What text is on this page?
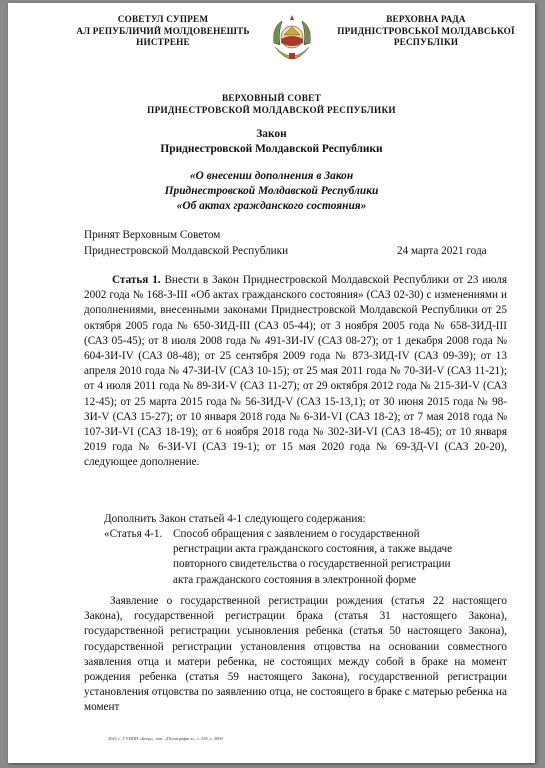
СОВЕТУЛ СУПРЕМ
АЛ РЕПУБЛИЧИЙ МОЛДОВЕНЕШТЬ
НИСТРЕНЕ
ВЕРХОВНА РАДА
ПРИДНІСТРОВСЬКОЇ МОЛДАВСЬКОЇ
РЕСПУБЛІКИ
ВЕРХОВНЫЙ СОВЕТ
ПРИДНЕСТРОВСКОЙ МОЛДАВСКОЙ РЕСПУБЛИКИ
Закон
Приднестровской Молдавской Республики
«О внесении дополнения в Закон
Приднестровской Молдавской Республики
«Об актах гражданского состояния»
Принят Верховным Советом
Приднестровской Молдавской Республики	24 марта 2021 года
Статья 1. Внести в Закон Приднестровской Молдавской Республики от 23 июля 2002 года № 168-З-III «Об актах гражданского состояния» (САЗ 02-30) с изменениями и дополнениями, внесенными законами Приднестровской Молдавской Республики от 25 октября 2005 года № 650-ЗИД-III (САЗ 05-44); от 3 ноября 2005 года № 658-ЗИД-III (САЗ 05-45); от 8 июля 2008 года № 491-ЗИ-IV (САЗ 08-27); от 1 декабря 2008 года № 604-ЗИ-IV (САЗ 08-48); от 25 сентября 2009 года № 873-ЗИД-IV (САЗ 09-39); от 13 апреля 2010 года № 47-ЗИ-IV (САЗ 10-15); от 25 мая 2011 года № 70-ЗИ-V (САЗ 11-21); от 4 июля 2011 года № 89-ЗИ-V (САЗ 11-27); от 29 октября 2012 года № 215-ЗИ-V (САЗ 12-45); от 25 марта 2015 года № 56-ЗИД-V (САЗ 15-13,1); от 30 июня 2015 года № 98-ЗИ-V (САЗ 15-27); от 10 января 2018 года № 6-ЗИ-VI (САЗ 18-2); от 7 мая 2018 года № 107-ЗИ-VI (САЗ 18-19); от 6 ноября 2018 года № 302-ЗИ-VI (САЗ 18-45); от 10 января 2019 года № 6-ЗИ-VI (САЗ 19-1); от 15 мая 2020 года № 69-ЗД-VI (САЗ 20-20), следующее дополнение.
Дополнить Закон статьей 4-1 следующего содержания:
«Статья 4-1. Способ обращения с заявлением о государственной
регистрации акта гражданского состояния, а также выдаче
повторного свидетельства о государственной регистрации
акта гражданского состояния в электронной форме
Заявление о государственной регистрации рождения (статья 22 настоящего Закона), государственной регистрации брака (статья 31 настоящего Закона), государственной регистрации усыновления ребенка (статья 50 настоящего Закона), государственной регистрации установления отцовства на основании совместного заявления отца и матери ребенка, не состоящих между собой в браке на момент рождения ребенка (статья 59 настоящего Закона), государственной регистрации установления отцовства по заявлению отца, не состоящего в браке с матерью ребенка на момент
2021 г., ГУИПП «Бенд», тип. «Полиграфист», з. 338, т. 2000
